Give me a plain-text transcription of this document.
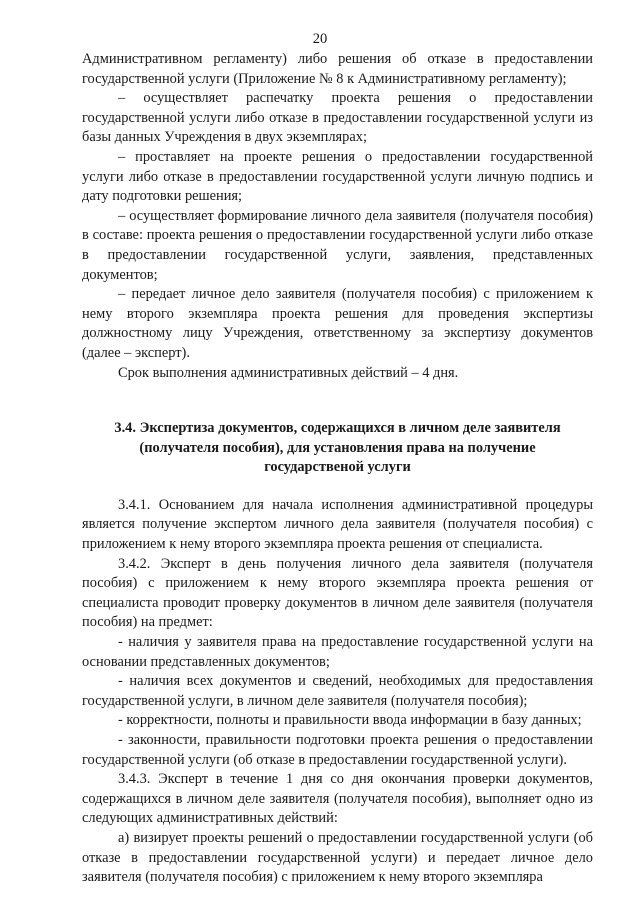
20

Административном регламенту) либо решения об отказе в предоставлении государственной услуги (Приложение № 8 к Административному регламенту);

– осуществляет распечатку проекта решения о предоставлении государственной услуги либо отказе в предоставлении государственной услуги из базы данных Учреждения в двух экземплярах;

– проставляет на проекте решения о предоставлении государственной услуги либо отказе в предоставлении государственной услуги личную подпись и дату подготовки решения;

– осуществляет формирование личного дела заявителя (получателя пособия) в составе: проекта решения о предоставлении государственной услуги либо отказе в предоставлении государственной услуги, заявления, представленных документов;

– передает личное дело заявителя (получателя пособия) с приложением к нему второго экземпляра проекта решения для проведения экспертизы должностному лицу Учреждения, ответственному за экспертизу документов (далее – эксперт).

Срок выполнения административных действий – 4 дня.

3.4. Экспертиза документов, содержащихся в личном деле заявителя (получателя пособия), для установления права на получение государственой услуги

3.4.1. Основанием для начала исполнения административной процедуры является получение экспертом личного дела заявителя (получателя пособия) с приложением к нему второго экземпляра проекта решения от специалиста.

3.4.2. Эксперт в день получения личного дела заявителя (получателя пособия) с приложением к нему второго экземпляра проекта решения от специалиста проводит проверку документов в личном деле заявителя (получателя пособия) на предмет:

- наличия у заявителя права на предоставление государственной услуги на основании представленных документов;

- наличия всех документов и сведений, необходимых для предоставления государственной услуги, в личном деле заявителя (получателя пособия);

- корректности, полноты и правильности ввода информации в базу данных;

- законности, правильности подготовки проекта решения о предоставлении государственной услуги (об отказе в предоставлении государственной услуги).

3.4.3. Эксперт в течение 1 дня со дня окончания проверки документов, содержащихся в личном деле заявителя (получателя пособия), выполняет одно из следующих административных действий:

а) визирует проекты решений о предоставлении государственной услуги (об отказе в предоставлении государственной услуги) и передает личное дело заявителя (получателя пособия) с приложением к нему второго экземпляра
